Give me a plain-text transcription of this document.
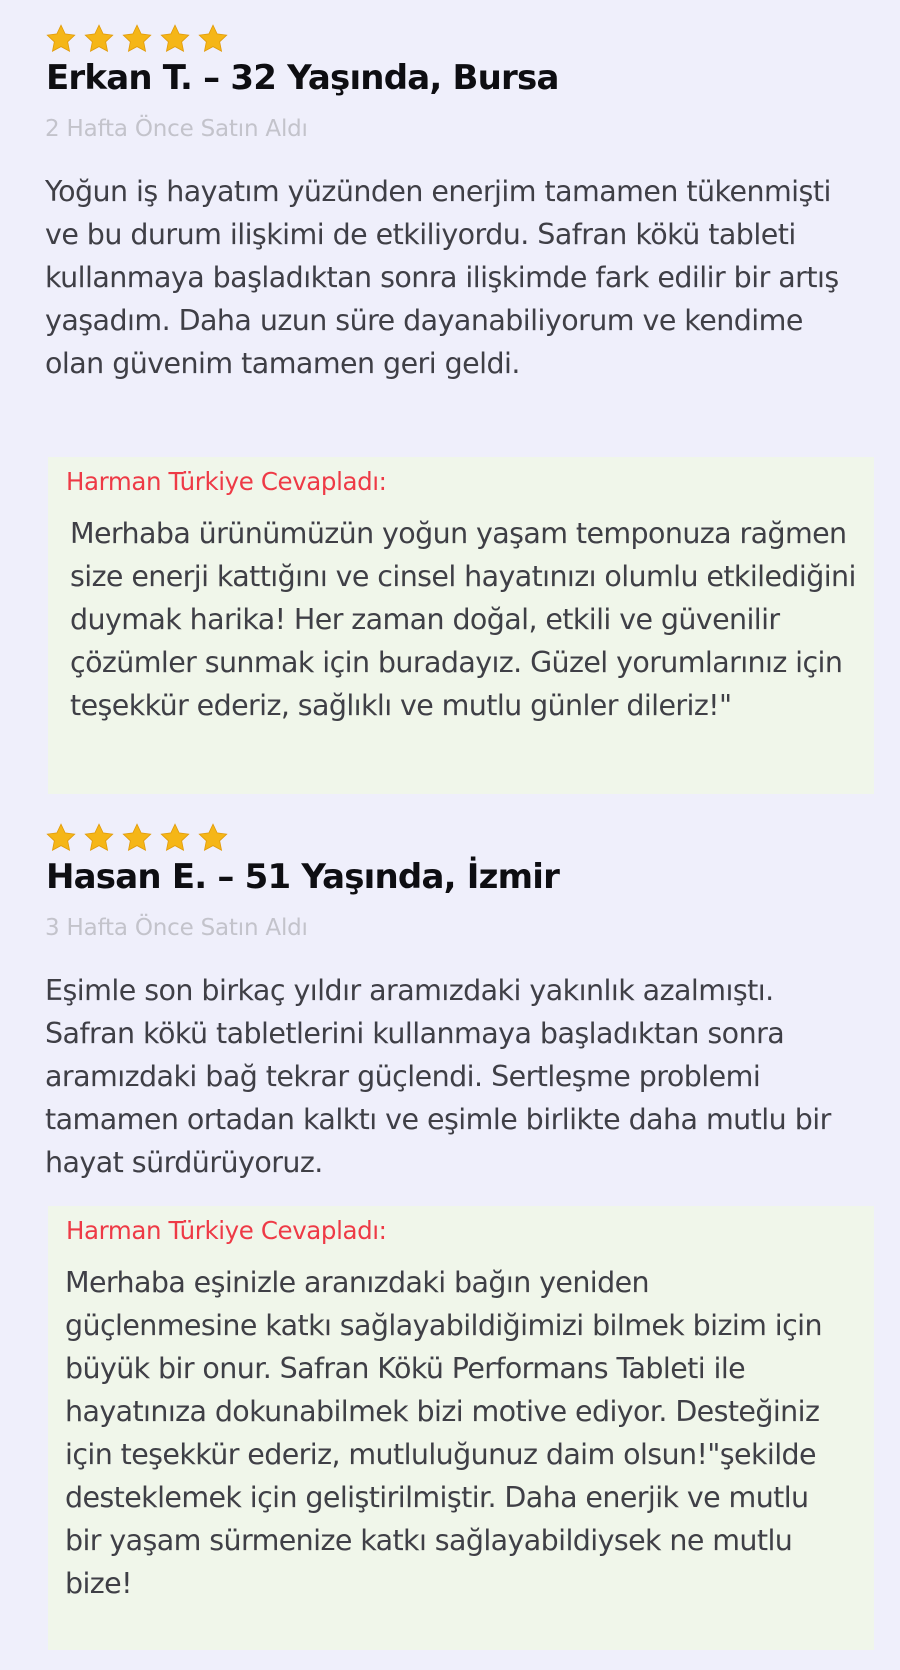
Erkan T. – 32 Yaşında, Bursa
2 Hafta Önce Satın Aldı

Yoğun iş hayatım yüzünden enerjim tamamen tükenmişti ve bu durum ilişkimi de etkiliyordu. Safran kökü tableti kullanmaya başladıktan sonra ilişkimde fark edilir bir artış yaşadım. Daha uzun süre dayanabiliyorum ve kendime olan güvenim tamamen geri geldi.

Harman Türkiye Cevapladı:

Merhaba ürünümüzün yoğun yaşam temponuza rağmen size enerji kattığını ve cinsel hayatınızı olumlu etkilediğini duymak harika! Her zaman doğal, etkili ve güvenilir çözümler sunmak için buradayız. Güzel yorumlarınız için teşekkür ederiz, sağlıklı ve mutlu günler dileriz!"

Hasan E. – 51 Yaşında, İzmir
3 Hafta Önce Satın Aldı

Eşimle son birkaç yıldır aramızdaki yakınlık azalmıştı. Safran kökü tabletlerini kullanmaya başladıktan sonra aramızdaki bağ tekrar güçlendi. Sertleşme problemi tamamen ortadan kalktı ve eşimle birlikte daha mutlu bir hayat sürdürüyoruz.

Harman Türkiye Cevapladı:

Merhaba eşinizle aranızdaki bağın yeniden güçlenmesine katkı sağlayabildiğimizi bilmek bizim için büyük bir onur. Safran Kökü Performans Tableti ile hayatınıza dokunabilmek bizi motive ediyor. Desteğiniz için teşekkür ederiz, mutluluğunuz daim olsun!"şekilde desteklemek için geliştirilmiştir. Daha enerjik ve mutlu bir yaşam sürmenize katkı sağlayabildiysek ne mutlu bize!
